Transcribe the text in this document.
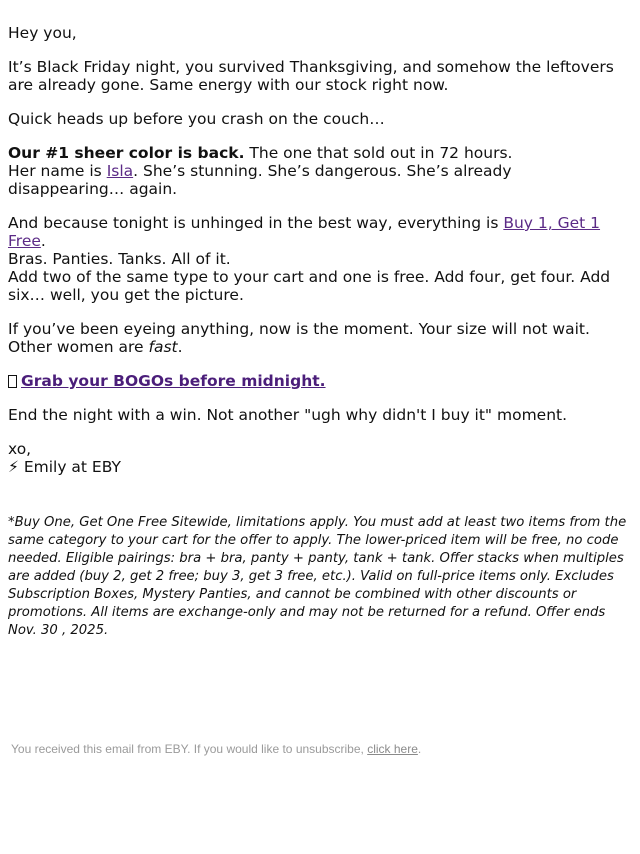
Hey you,

It’s Black Friday night, you survived Thanksgiving, and somehow the leftovers are already gone. Same energy with our stock right now.

Quick heads up before you crash on the couch…

Our #1 sheer color is back. The one that sold out in 72 hours.
Her name is Isla. She’s stunning. She’s dangerous. She’s already disappearing… again.

And because tonight is unhinged in the best way, everything is Buy 1, Get 1 Free.
Bras. Panties. Tanks. All of it.
Add two of the same type to your cart and one is free. Add four, get four. Add six… well, you get the picture.

If you’ve been eyeing anything, now is the moment. Your size will not wait. Other women are fast.

Grab your BOGOs before midnight.

End the night with a win. Not another "ugh why didn't I buy it" moment.

xo,
⚡ Emily at EBY

*Buy One, Get One Free Sitewide, limitations apply. You must add at least two items from the same category to your cart for the offer to apply. The lower-priced item will be free, no code needed. Eligible pairings: bra + bra, panty + panty, tank + tank. Offer stacks when multiples are added (buy 2, get 2 free; buy 3, get 3 free, etc.). Valid on full-price items only. Excludes Subscription Boxes, Mystery Panties, and cannot be combined with other discounts or promotions. All items are exchange-only and may not be returned for a refund. Offer ends Nov. 30 , 2025.
You received this email from EBY. If you would like to unsubscribe, click here.
